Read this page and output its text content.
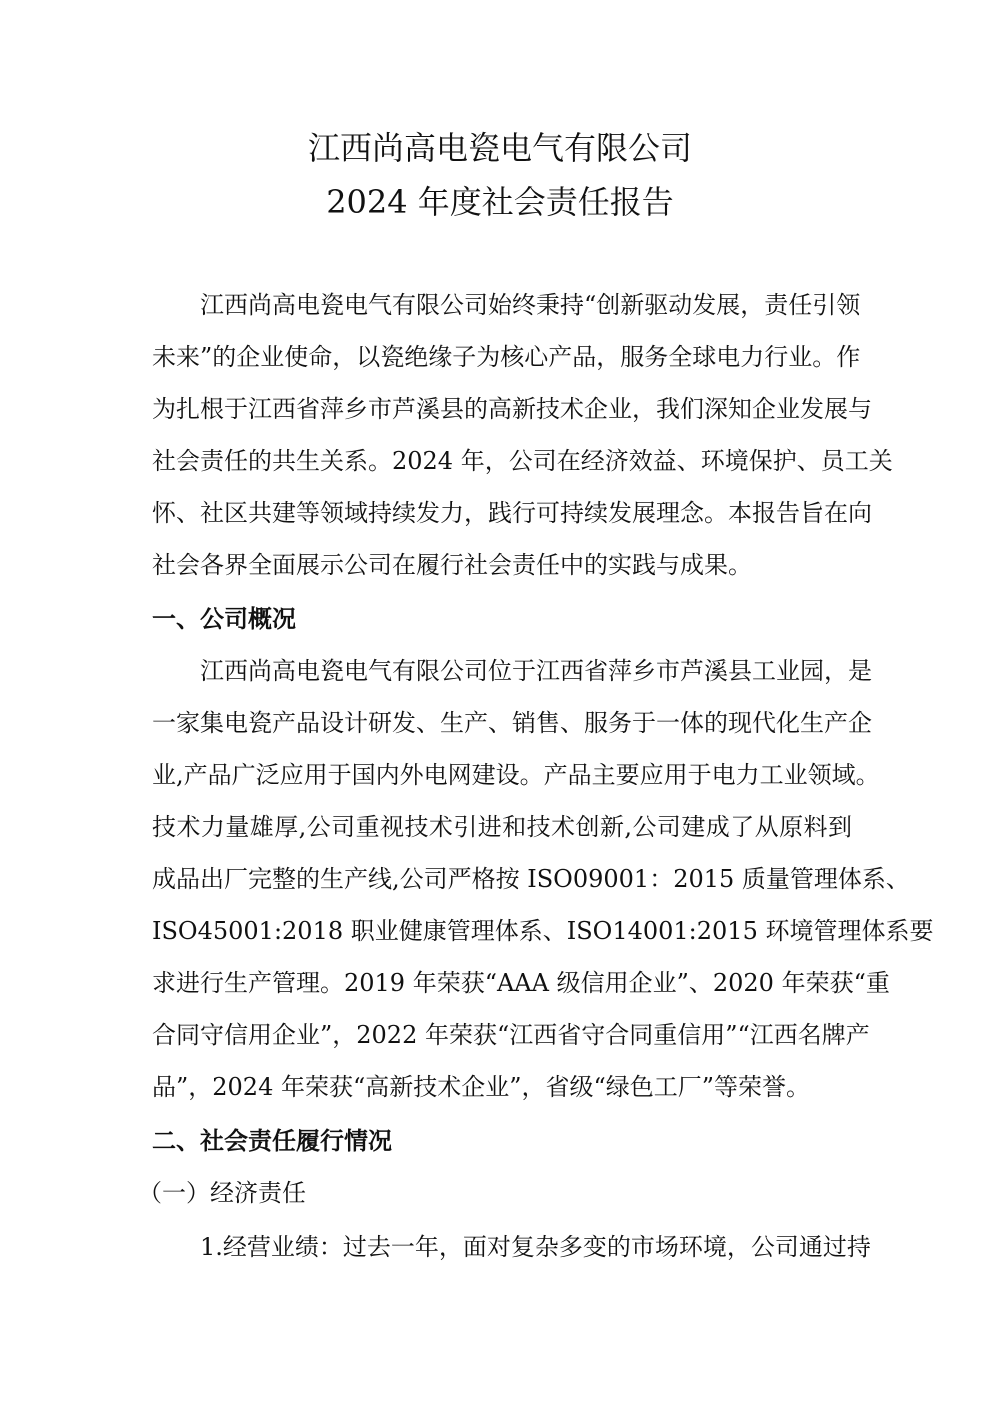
江西尚高电瓷电气有限公司
2024 年度社会责任报告
　　江西尚高电瓷电气有限公司始终秉持“创新驱动发展，责任引领
未来”的企业使命，以瓷绝缘子为核心产品，服务全球电力行业。作
为扎根于江西省萍乡市芦溪县的高新技术企业，我们深知企业发展与
社会责任的共生关系。2024 年，公司在经济效益、环境保护、员工关
怀、社区共建等领域持续发力，践行可持续发展理念。本报告旨在向
社会各界全面展示公司在履行社会责任中的实践与成果。
一、公司概况
　　江西尚高电瓷电气有限公司位于江西省萍乡市芦溪县工业园，是
一家集电瓷产品设计研发、生产、销售、服务于一体的现代化生产企
业,产品广泛应用于国内外电网建设。产品主要应用于电力工业领域。
技术力量雄厚,公司重视技术引进和技术创新,公司建成了从原料到
成品出厂完整的生产线,公司严格按 ISO09001：2015 质量管理体系、
ISO45001:2018 职业健康管理体系、ISO14001:2015 环境管理体系要
求进行生产管理。2019 年荣获“AAA 级信用企业”、2020 年荣获“重
合同守信用企业”，2022 年荣获“江西省守合同重信用”“江西名牌产
品”，2024 年荣获“高新技术企业”，省级“绿色工厂”等荣誉。
二、社会责任履行情况
（一）经济责任
　　1.经营业绩：过去一年，面对复杂多变的市场环境，公司通过持
